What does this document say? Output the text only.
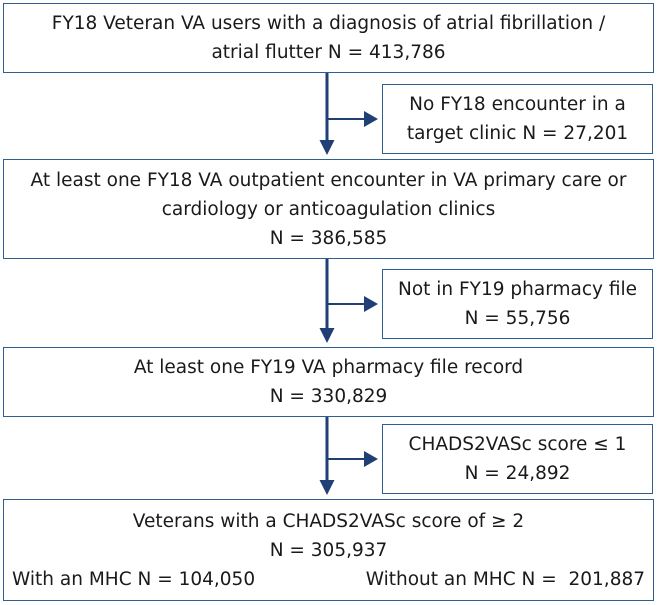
FY18 Veteran VA users with a diagnosis of atrial fibrillation /
atrial flutter N = 413,786
No FY18 encounter in a
target clinic N = 27,201
At least one FY18 VA outpatient encounter in VA primary care or
cardiology or anticoagulation clinics
N = 386,585
Not in FY19 pharmacy file
N = 55,756
At least one FY19 VA pharmacy file record
N = 330,829
CHADS2VASc score ≤ 1
N = 24,892
Veterans with a CHADS2VASc score of ≥ 2
N = 305,937
With an MHC N = 104,050	Without an MHC N =  201,887
